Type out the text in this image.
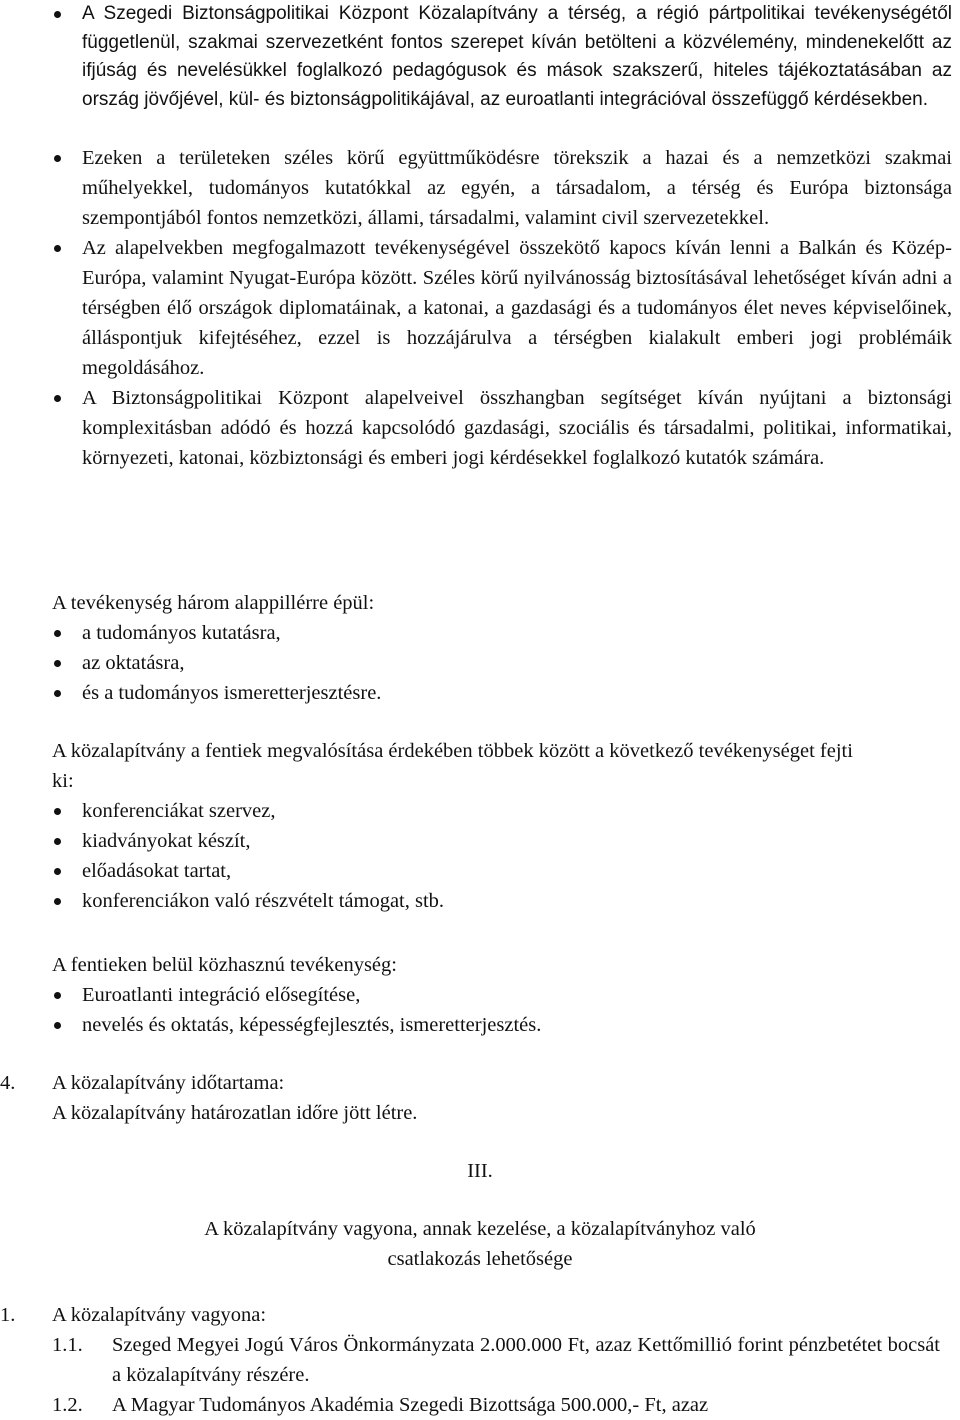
A Szegedi Biztonságpolitikai Központ Közalapítvány a térség, a régió pártpolitikai tevékenységétől függetlenül, szakmai szervezetként fontos szerepet kíván betölteni a közvélemény, mindenekelőtt az ifjúság és nevelésükkel foglalkozó pedagógusok és mások szakszerű, hiteles tájékoztatásában az ország jövőjével, kül- és biztonságpolitikájával, az euroatlanti integrációval összefüggő kérdésekben.
Ezeken a területeken széles körű együttműködésre törekszik a hazai és a nemzetközi szakmai műhelyekkel, tudományos kutatókkal az egyén, a társadalom, a térség és Európa biztonsága szempontjából fontos nemzetközi, állami, társadalmi, valamint civil szervezetekkel.
Az alapelvekben megfogalmazott tevékenységével összekötő kapocs kíván lenni a Balkán és Közép-Európa, valamint Nyugat-Európa között. Széles körű nyilvánosság biztosításával lehetőséget kíván adni a térségben élő országok diplomatáinak, a katonai, a gazdasági és a tudományos élet neves képviselőinek, álláspontjuk kifejtéséhez, ezzel is hozzájárulva a térségben kialakult emberi jogi problémáik megoldásához.
A Biztonságpolitikai Központ alapelveivel összhangban segítséget kíván nyújtani a biztonsági komplexitásban adódó és hozzá kapcsolódó gazdasági, szociális és társadalmi, politikai, informatikai, környezeti, katonai, közbiztonsági és emberi jogi kérdésekkel foglalkozó kutatók számára.

A tevékenység három alappillérre épül:

a tudományos kutatásra,
az oktatásra,
és a tudományos ismeretterjesztésre.

A közalapítvány a fentiek megvalósítása érdekében többek között a következő tevékenységet fejti ki:

konferenciákat szervez,
kiadványokat készít,
előadásokat tartat,
konferenciákon való részvételt támogat, stb.

A fentieken belül közhasznú tevékenység:

Euroatlanti integráció elősegítése,
nevelés és oktatás, képességfejlesztés, ismeretterjesztés.
4.	A közalapítvány időtartama:

A közalapítvány határozatlan időre jött létre.

III.

A közalapítvány vagyona, annak kezelése, a közalapítványhoz való

csatlakozás lehetősége

1.	A közalapítvány vagyona:
1.1.	Szeged Megyei Jogú Város Önkormányzata 2.000.000 Ft, azaz Kettőmillió forint pénzbetétet bocsát a közalapítvány részére.
1.2.	A Magyar Tudományos Akadémia Szegedi Bizottsága 500.000,- Ft, azaz
